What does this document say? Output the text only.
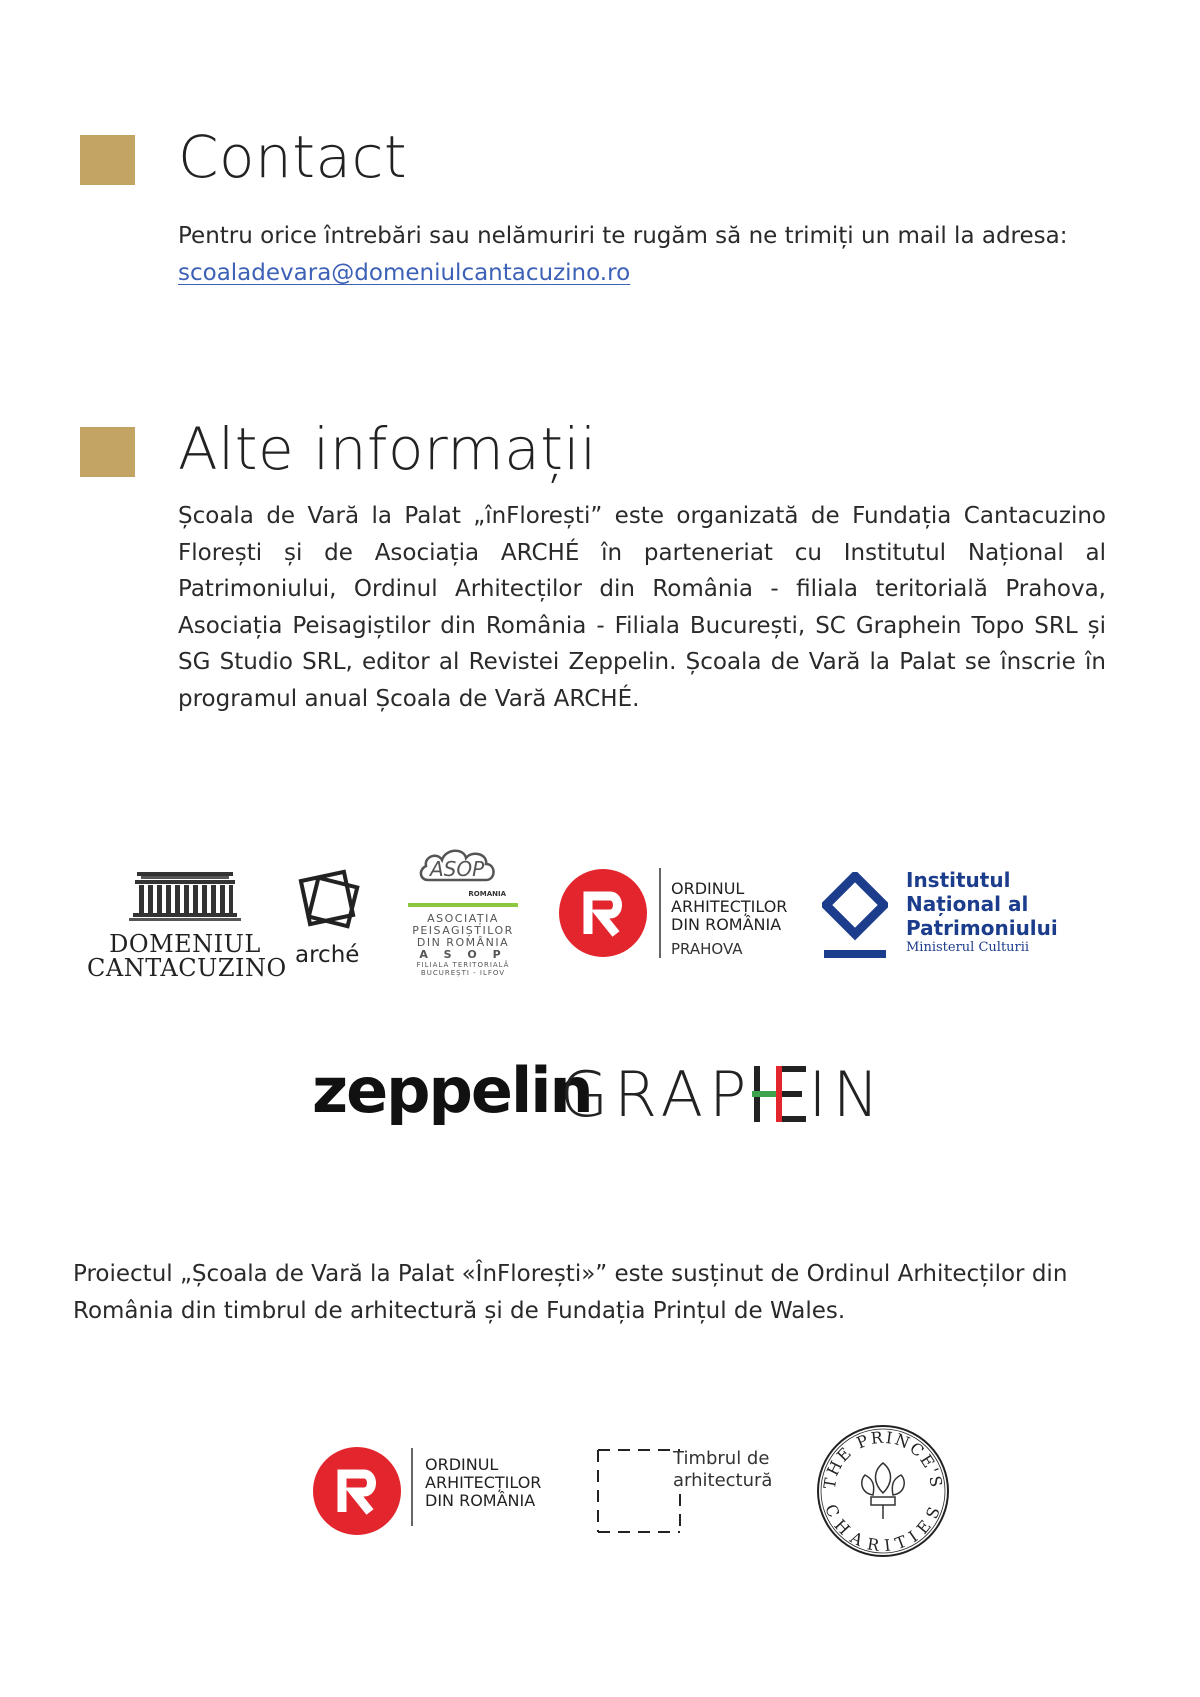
Contact

Pentru orice întrebări sau nelămuriri te rugăm să ne trimiți un mail la adresa:

scoaladevara@domeniulcantacuzino.ro

Alte informații

Școala de Vară la Palat „înFlorești” este organizată de Fundația Cantacuzino Florești și de Asociația ARCHÉ în parteneriat cu Institutul Național al Patrimoniului, Ordinul Arhitecților din România - filiala teritorială Prahova, Asociația Peisagiștilor din România - Filiala București, SC Graphein Topo SRL și SG Studio SRL, editor al Revistei Zeppelin. Școala de Vară la Palat se înscrie în programul anual Școala de Vară ARCHÉ.

DOMENIUL
CANTACUZINO arché
ASOP
ROMANIA
ASOCIAȚIA
PEISAGIȘTILOR
DIN ROMÂNIA
A S O P
FILIALA TERITORIALĂ
BUCUREȘTI - ILFOV
ORDINUL
ARHITECȚILOR
DIN ROMÂNIA
PRAHOVA
Institutul Național al
Patrimoniului
Ministerul Culturii
zeppelin
GRAP IN

Proiectul „Școala de Vară la Palat «ÎnFlorești»” este susținut de Ordinul Arhitecților din România din timbrul de arhitectură și de Fundația Prințul de Wales.

ORDINUL
ARHITECȚILOR
DIN ROMÂNIA
Timbrul de
arhitectură	THE PRINCE'S
CHARITIES
